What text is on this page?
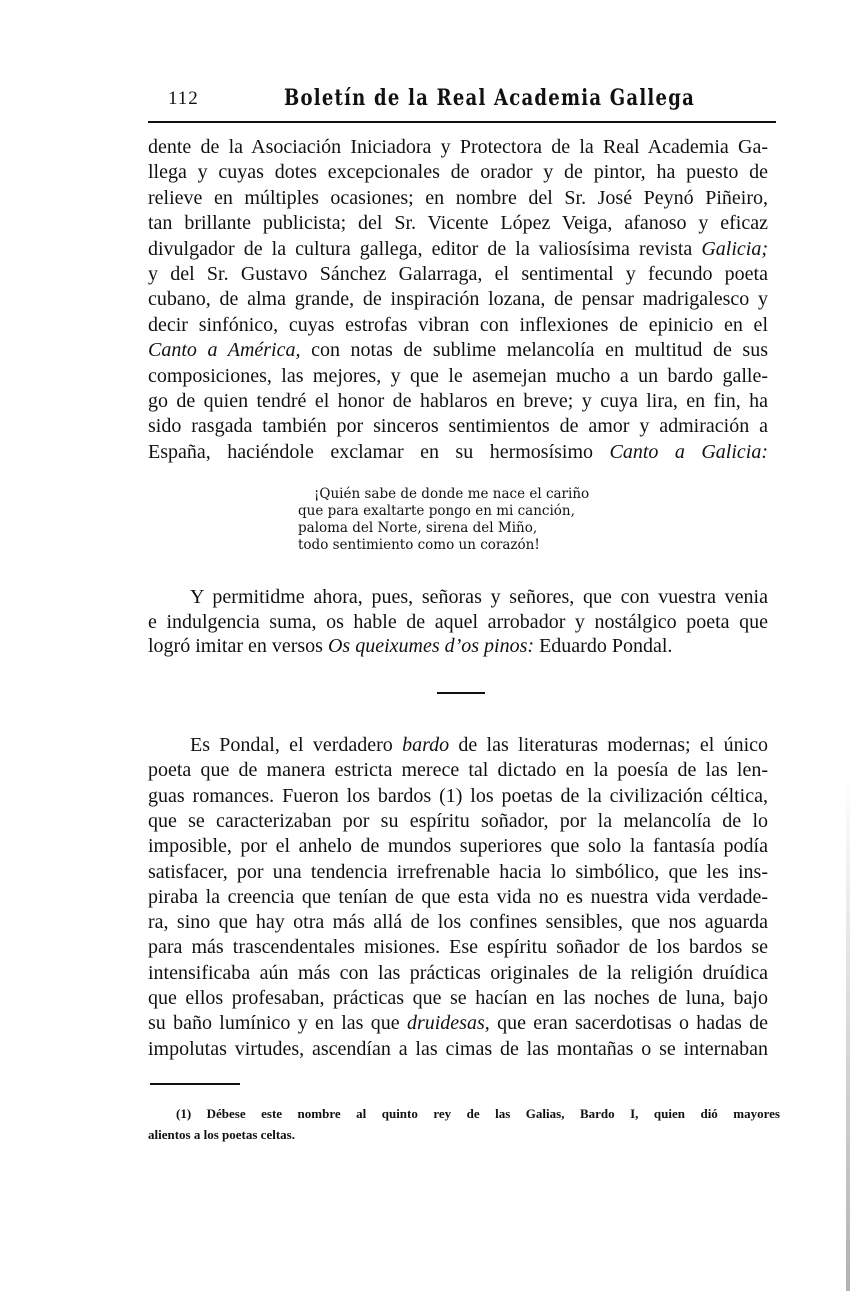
112	Boletín de la Real Academia Gallega
dente de la Asociación Iniciadora y Protectora de la Real Academia Ga-
llega y cuyas dotes excepcionales de orador y de pintor, ha puesto de
relieve en múltiples ocasiones; en nombre del Sr. José Peynó Piñeiro,
tan brillante publicista; del Sr. Vicente López Veiga, afanoso y eficaz
divulgador de la cultura gallega, editor de la valiosísima revista Galicia;
y del Sr. Gustavo Sánchez Galarraga, el sentimental y fecundo poeta
cubano, de alma grande, de inspiración lozana, de pensar madrigalesco y
decir sinfónico, cuyas estrofas vibran con inflexiones de epinicio en el
Canto a América, con notas de sublime melancolía en multitud de sus
composiciones, las mejores, y que le asemejan mucho a un bardo galle-
go de quien tendré el honor de hablaros en breve; y cuya lira, en fin, ha
sido rasgada también por sinceros sentimientos de amor y admiración a
España, haciéndole exclamar en su hermosísimo Canto a Galicia:
Y permitidme ahora, pues, señoras y señores, que con vuestra venia
e indulgencia suma, os hable de aquel arrobador y nostálgico poeta que
logró imitar en versos Os queixumes d’os pinos: Eduardo Pondal.
Es Pondal, el verdadero bardo de las literaturas modernas; el único
poeta que de manera estricta merece tal dictado en la poesía de las len-
guas romances. Fueron los bardos (1) los poetas de la civilización céltica,
que se caracterizaban por su espíritu soñador, por la melancolía de lo
imposible, por el anhelo de mundos superiores que solo la fantasía podía
satisfacer, por una tendencia irrefrenable hacia lo simbólico, que les ins-
piraba la creencia que tenían de que esta vida no es nuestra vida verdade-
ra, sino que hay otra más allá de los confines sensibles, que nos aguarda
para más trascendentales misiones. Ese espíritu soñador de los bardos se
intensificaba aún más con las prácticas originales de la religión druídica
que ellos profesaban, prácticas que se hacían en las noches de luna, bajo
su baño lumínico y en las que druidesas, que eran sacerdotisas o hadas de
impolutas virtudes, ascendían a las cimas de las montañas o se internaban
¡Quién sabe de donde me nace el cariño
que para exaltarte pongo en mi canción,
paloma del Norte, sirena del Miño,
todo sentimiento como un corazón!
(1) Débese este nombre al quinto rey de las Galias, Bardo I, quien dió mayores
alientos a los poetas celtas.
